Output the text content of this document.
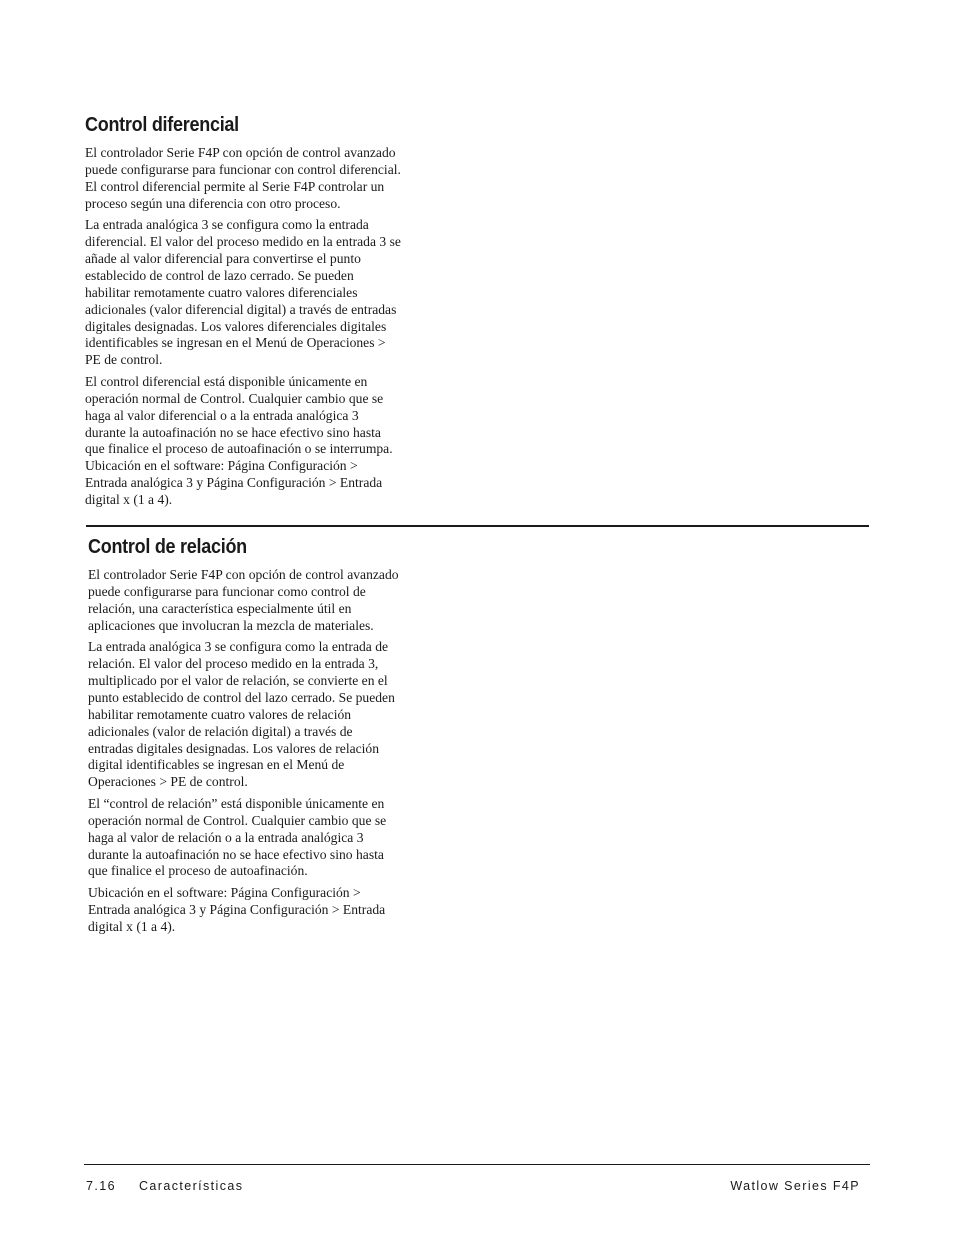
Control diferencial

El controlador Serie F4P con opción de control avanzado
puede configurarse para funcionar con control diferencial.
El control diferencial permite al Serie F4P controlar un
proceso según una diferencia con otro proceso.

La entrada analógica 3 se configura como la entrada
diferencial. El valor del proceso medido en la entrada 3 se
añade al valor diferencial para convertirse el punto
establecido de control de lazo cerrado. Se pueden
habilitar remotamente cuatro valores diferenciales
adicionales (valor diferencial digital) a través de entradas
digitales designadas. Los valores diferenciales digitales
identificables se ingresan en el Menú de Operaciones >
PE de control.

El control diferencial está disponible únicamente en
operación normal de Control. Cualquier cambio que se
haga al valor diferencial o a la entrada analógica 3
durante la autoafinación no se hace efectivo sino hasta
que finalice el proceso de autoafinación o se interrumpa.
Ubicación en el software: Página Configuración >
Entrada analógica 3 y Página Configuración > Entrada
digital x (1 a 4).

Control de relación

El controlador Serie F4P con opción de control avanzado
puede configurarse para funcionar como control de
relación, una característica especialmente útil en
aplicaciones que involucran la mezcla de materiales.

La entrada analógica 3 se configura como la entrada de
relación. El valor del proceso medido en la entrada 3,
multiplicado por el valor de relación, se convierte en el
punto establecido de control del lazo cerrado. Se pueden
habilitar remotamente cuatro valores de relación
adicionales (valor de relación digital) a través de
entradas digitales designadas. Los valores de relación
digital identificables se ingresan en el Menú de
Operaciones > PE de control.

El “control de relación” está disponible únicamente en
operación normal de Control. Cualquier cambio que se
haga al valor de relación o a la entrada analógica 3
durante la autoafinación no se hace efectivo sino hasta
que finalice el proceso de autoafinación.

Ubicación en el software: Página Configuración >
Entrada analógica 3 y Página Configuración > Entrada
digital x (1 a 4).

7.16 Características	Watlow Series F4P
